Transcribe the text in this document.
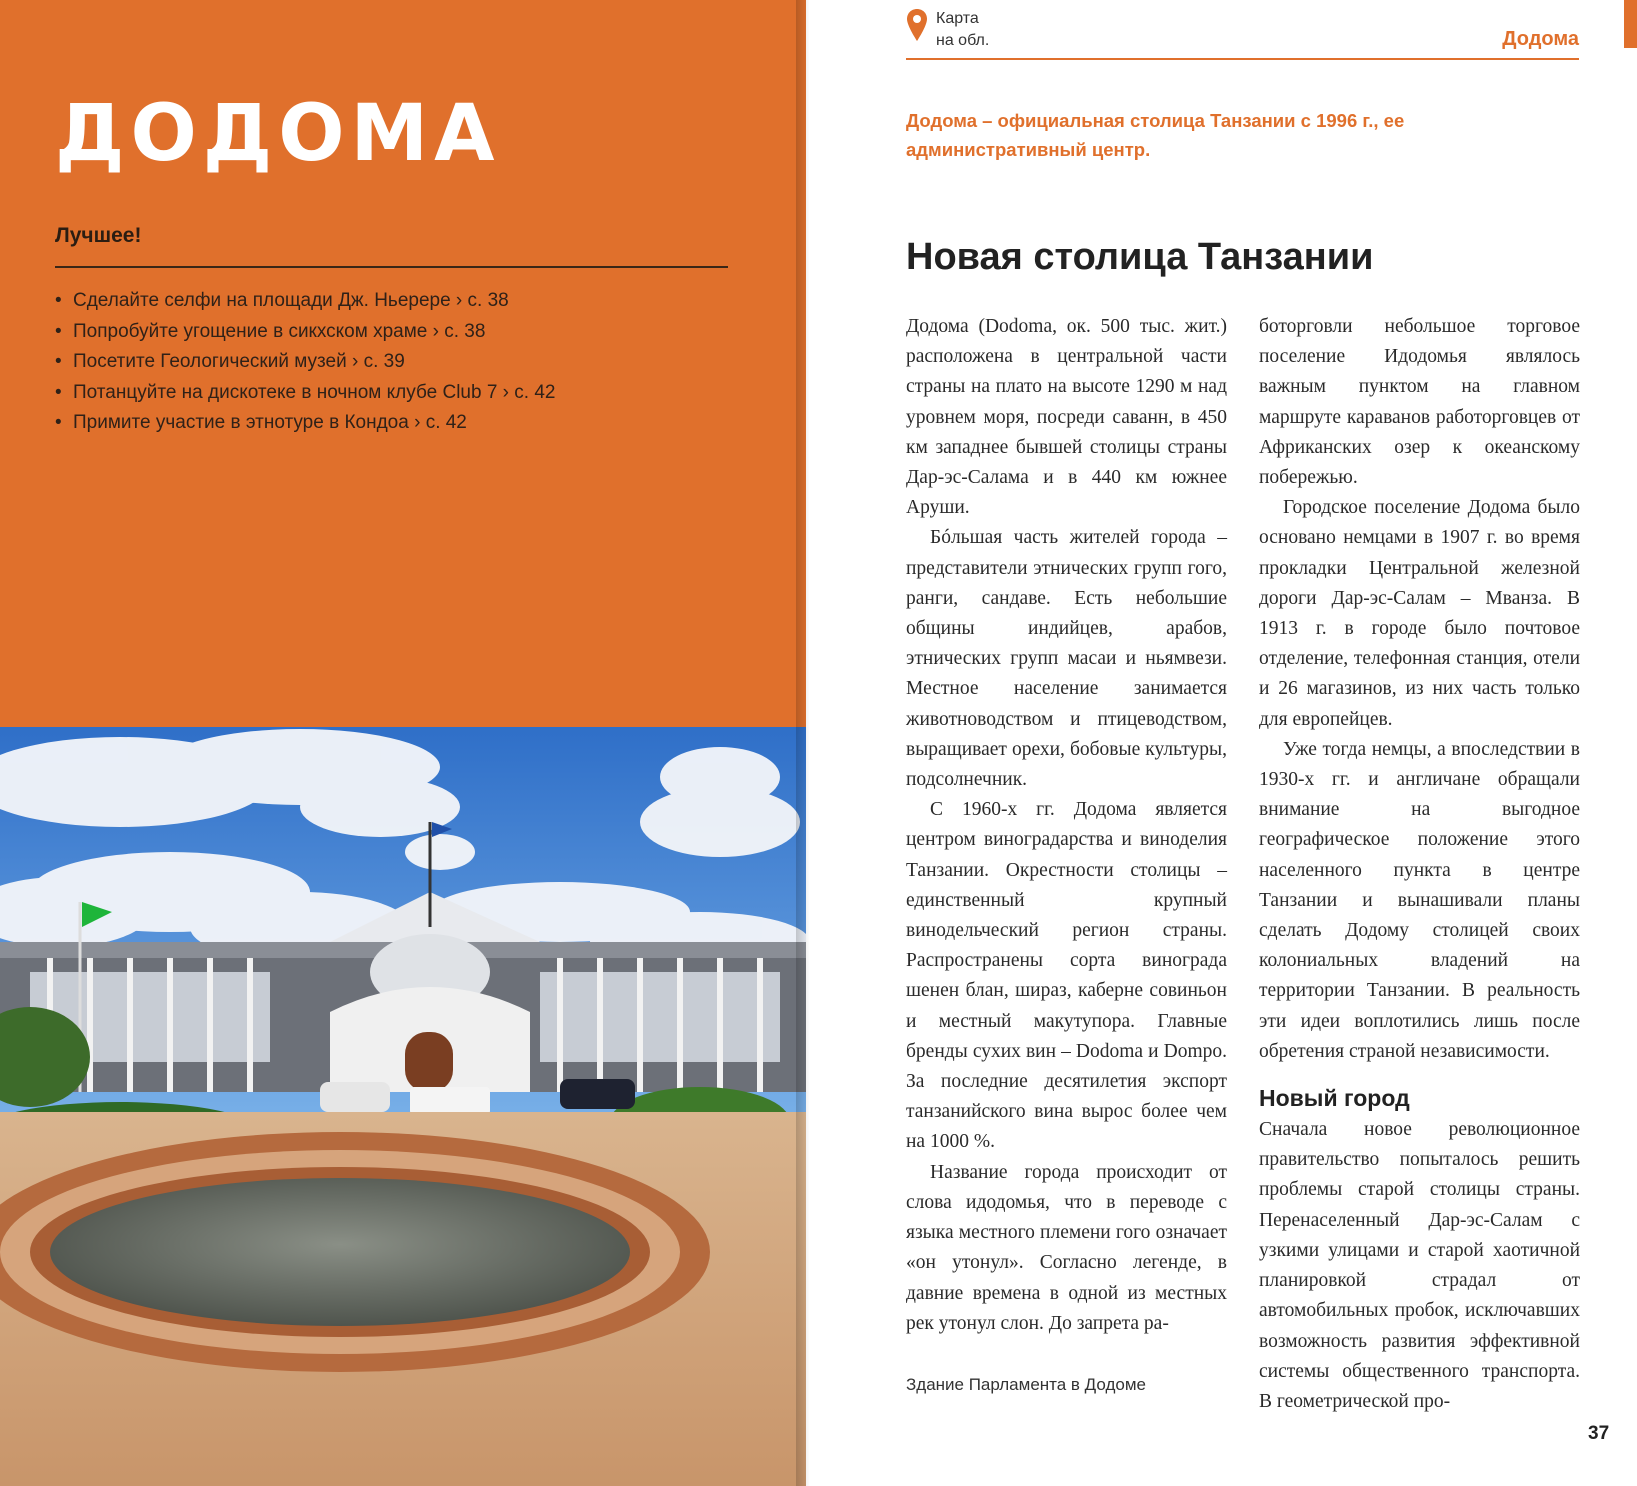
ДОДОМА
Лучшее!
• Сделайте селфи на площади Дж. Ньерере › с. 38
• Попробуйте угощение в сикхском храме › с. 38
• Посетите Геологический музей › с. 39
• Потанцуйте на дискотеке в ночном клубе Club 7 › с. 42
• Примите участие в этнотуре в Кондоа › с. 42
Карта
на обл.	Додома

Додома – официальная столица Танзании с 1996 г., ее административный центр.

Новая столица Танзании

Додома (Dodoma, ок. 500 тыс. жит.) расположена в центральной части страны на плато на высоте 1290 м над уровнем моря, посреди саванн, в 450 км западнее бывшей столицы страны Дар-эс-Салама и в 440 км южнее Аруши.

Бóльшая часть жителей города – представители этнических групп гого, ранги, сандаве. Есть небольшие общины индийцев, арабов, этнических групп масаи и ньямвези. Местное население занимается животноводством и птицеводством, выращивает орехи, бобовые культуры, подсолнечник.

С 1960-х гг. Додома является центром виноградарства и виноделия Танзании. Окрестности столицы – единственный крупный винодельческий регион страны. Распространены сорта винограда шенен блан, шираз, каберне совиньон и местный макутупора. Главные бренды сухих вин – Dodoma и Dompo. За последние десятилетия экспорт танзанийского вина вырос более чем на 1000 %.

Название города происходит от слова идодомья, что в переводе с языка местного племени гого означает «он утонул». Согласно легенде, в давние времена в одной из местных рек утонул слон. До запрета ра-

боторговли небольшое торговое поселение Идодомья являлось важным пунктом на главном маршруте караванов работорговцев от Африканских озер к океанскому побережью.

Городское поселение Додома было основано немцами в 1907 г. во время прокладки Центральной железной дороги Дар-эс-Салам – Мванза. В 1913 г. в городе было почтовое отделение, телефонная станция, отели и 26 магазинов, из них часть только для европейцев.

Уже тогда немцы, а впоследствии в 1930-х гг. и англичане обращали внимание на выгодное географическое положение этого населенного пункта в центре Танзании и вынашивали планы сделать Додому столицей своих колониальных владений на территории Танзании. В реальность эти идеи воплотились лишь после обретения страной независимости.

Новый город

Сначала новое революционное правительство попыталось решить проблемы старой столицы страны. Перенаселенный Дар-эс-Салам с узкими улицами и старой хаотичной планировкой страдал от автомобильных пробок, исключавших возможность развития эффективной системы общественного транспорта. В геометрической про-

Здание Парламента в Додоме
37
